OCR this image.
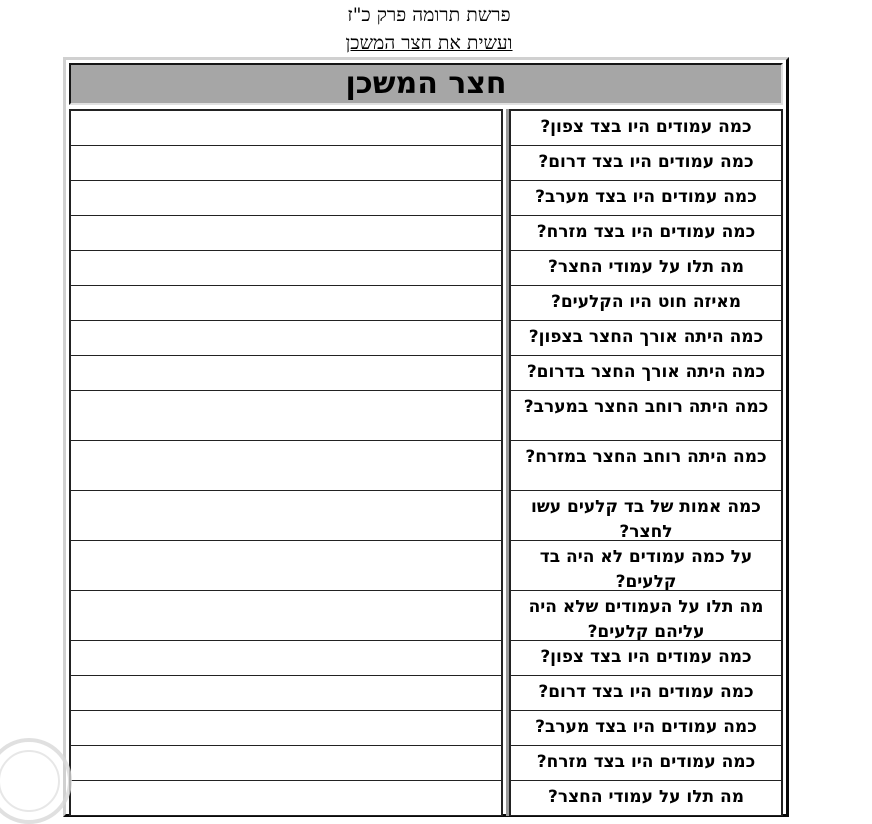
פרשת תרומה פרק כ"ז
ועשית את חצר המשכן
חצר המשכן
כמה עמודים היו בצד צפון?
כמה עמודים היו בצד דרום?
כמה עמודים היו בצד מערב?
כמה עמודים היו בצד מזרח?
מה תלו על עמודי החצר?
מאיזה חוט היו הקלעים?
כמה היתה אורך החצר בצפון?
כמה היתה אורך החצר בדרום?
כמה היתה רוחב החצר במערב?
כמה היתה רוחב החצר במזרח?
כמה אמות של בד קלעים עשו לחצר?
על כמה עמודים לא היה בד קלעים?
מה תלו על העמודים שלא היה עליהם קלעים?
כמה עמודים היו בצד צפון?
כמה עמודים היו בצד דרום?
כמה עמודים היו בצד מערב?
כמה עמודים היו בצד מזרח?
מה תלו על עמודי החצר?
